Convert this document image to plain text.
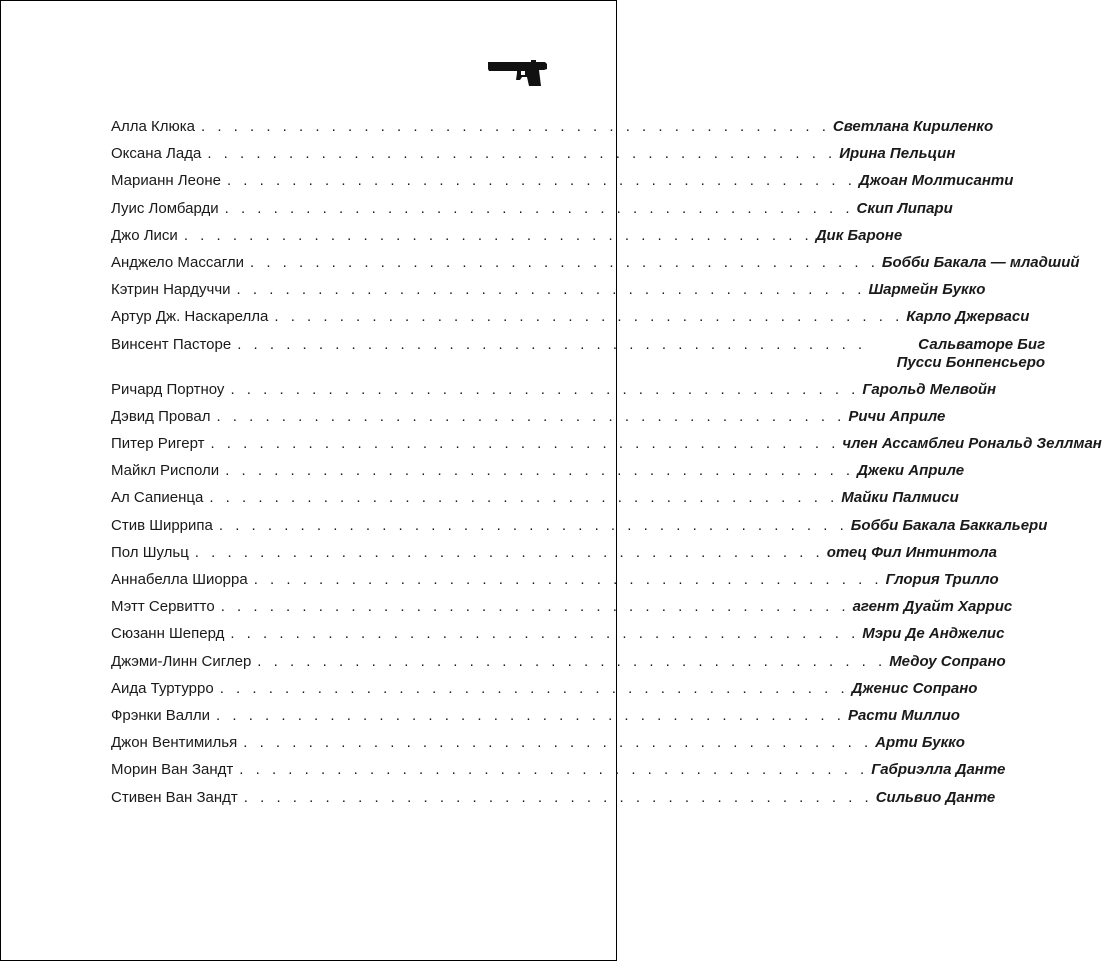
Алла Клюка . . . . . . . . . . . . . . . . . . . . . . . . . . . . . . . . . . . . . . . Светлана Кириленко
Оксана Лада . . . . . . . . . . . . . . . . . . . . . . . . . . . . . . . . . . . . . . . Ирина Пельцин
Марианн Леоне . . . . . . . . . . . . . . . . . . . . . . . . . . . . . . . . . . . . . . . Джоан Молтисанти
Луис Ломбарди . . . . . . . . . . . . . . . . . . . . . . . . . . . . . . . . . . . . . . . Скип Липари
Джо Лиси . . . . . . . . . . . . . . . . . . . . . . . . . . . . . . . . . . . . . . . Дик Бароне
Анджело Массагли . . . . . . . . . . . . . . . . . . . . . . . . . . . . . . . . . . . . . . . Бобби Бакала — младший
Кэтрин Нардуччи . . . . . . . . . . . . . . . . . . . . . . . . . . . . . . . . . . . . . . . Шармейн Букко
Артур Дж. Наскарелла . . . . . . . . . . . . . . . . . . . . . . . . . . . . . . . . . . . . . . . Карло Джерваси
Винсент Пасторе . . . . . . . . . . . . . . . . . . . . . . . . . . . . . . . . . . . . . . .	Сальваторе Биг Пусси Бонпенсьеро
Ричард Портноу . . . . . . . . . . . . . . . . . . . . . . . . . . . . . . . . . . . . . . . Гарольд Мелвойн
Дэвид Провал . . . . . . . . . . . . . . . . . . . . . . . . . . . . . . . . . . . . . . . Ричи Априле
Питер Ригерт . . . . . . . . . . . . . . . . . . . . . . . . . . . . . . . . . . . . . . . член Ассамблеи Рональд Зеллман
Майкл Рисполи . . . . . . . . . . . . . . . . . . . . . . . . . . . . . . . . . . . . . . . Джеки Априле
Ал Сапиенца . . . . . . . . . . . . . . . . . . . . . . . . . . . . . . . . . . . . . . . Майки Палмиси
Стив Ширрипа . . . . . . . . . . . . . . . . . . . . . . . . . . . . . . . . . . . . . . . Бобби Бакала Баккальери
Пол Шульц . . . . . . . . . . . . . . . . . . . . . . . . . . . . . . . . . . . . . . . отец Фил Интинтола
Аннабелла Шиорра . . . . . . . . . . . . . . . . . . . . . . . . . . . . . . . . . . . . . . . Глория Трилло
Мэтт Сервитто . . . . . . . . . . . . . . . . . . . . . . . . . . . . . . . . . . . . . . . агент Дуайт Харрис
Сюзанн Шеперд . . . . . . . . . . . . . . . . . . . . . . . . . . . . . . . . . . . . . . . Мэри Де Анджелис
Джэми-Линн Сиглер . . . . . . . . . . . . . . . . . . . . . . . . . . . . . . . . . . . . . . . Медоу Сопрано
Аида Туртурро . . . . . . . . . . . . . . . . . . . . . . . . . . . . . . . . . . . . . . . Дженис Сопрано
Фрэнки Валли . . . . . . . . . . . . . . . . . . . . . . . . . . . . . . . . . . . . . . . Расти Миллио
Джон Вентимилья . . . . . . . . . . . . . . . . . . . . . . . . . . . . . . . . . . . . . . . Арти Букко
Морин Ван Зандт . . . . . . . . . . . . . . . . . . . . . . . . . . . . . . . . . . . . . . . Габриэлла Данте
Стивен Ван Зандт . . . . . . . . . . . . . . . . . . . . . . . . . . . . . . . . . . . . . . . Сильвио Данте
